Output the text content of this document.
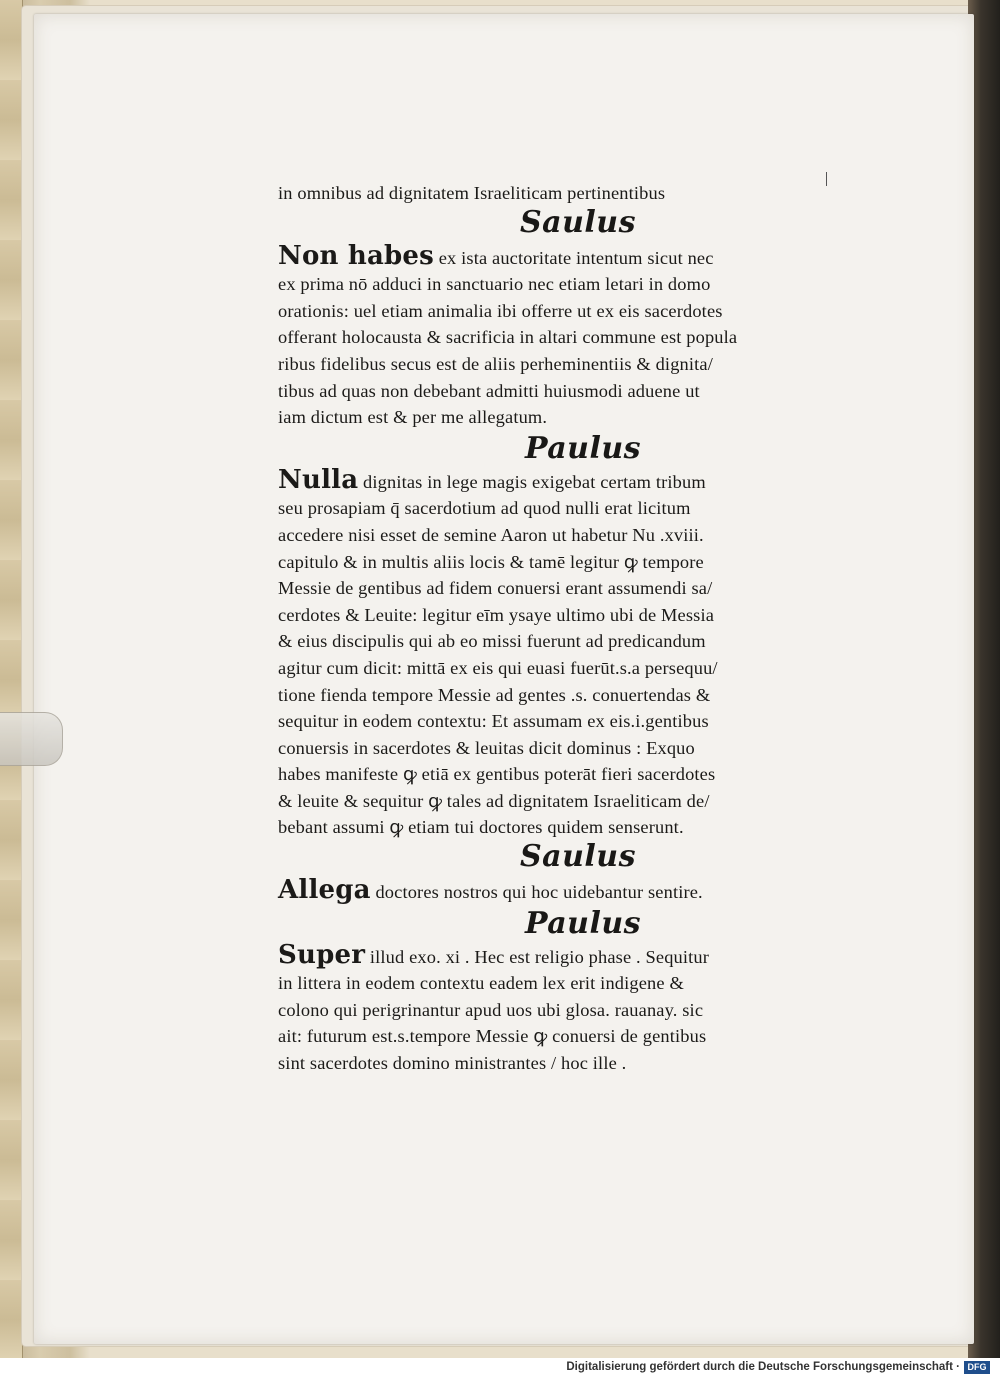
in omnibus ad dignitatem Israeliticam pertinentibus
Saulus
Non habes ex ista auctoritate intentum sicut nec
ex prima nō adduci in sanctuario nec etiam letari in domo
orationis: uel etiam animalia ibi offerre ut ex eis sacerdotes
offerant holocausta & sacrificia in altari commune est popula
ribus fidelibus secus est de aliis perheminentiis & dignita/
tibus ad quas non debebant admitti huiusmodi aduene ut
iam dictum est & per me allegatum.
Paulus
Nulla dignitas in lege magis exigebat certam tribum
seu prosapiam q̄ sacerdotium ad quod nulli erat licitum
accedere nisi esset de semine Aaron ut habetur Nu .xviii.
capitulo & in multis aliis locis & tamē legitur ꝙ tempore
Messie de gentibus ad fidem conuersi erant assumendi sa/
cerdotes & Leuite: legitur eīm ysaye ultimo ubi de Messia
& eius discipulis qui ab eo missi fuerunt ad predicandum
agitur cum dicit: mittā ex eis qui euasi fuerūt.s.a persequu/
tione fienda tempore Messie ad gentes .s. conuertendas &
sequitur in eodem contextu: Et assumam ex eis.i.gentibus
conuersis in sacerdotes & leuitas dicit dominus : Exquo
habes manifeste ꝙ etiā ex gentibus poterāt fieri sacerdotes
& leuite & sequitur ꝙ tales ad dignitatem Israeliticam de/
bebant assumi ꝙ etiam tui doctores quidem senserunt.
Saulus
Allega doctores nostros qui hoc uidebantur sentire.
Paulus
Super illud exo. xi . Hec est religio phase . Sequitur
in littera in eodem contextu eadem lex erit indigene &
colono qui perigrinantur apud uos ubi glosa. rauanay. sic
ait: futurum est.s.tempore Messie ꝙ conuersi de gentibus
sint sacerdotes domino ministrantes / hoc ille .
Digitalisierung gefördert durch die Deutsche Forschungsgemeinschaft · DFG
